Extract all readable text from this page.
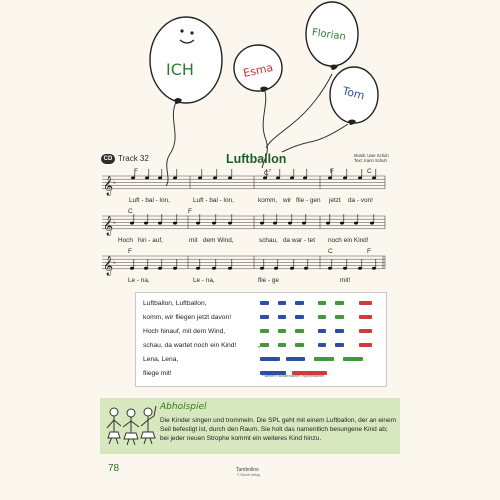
ICH	Esma
Florian
Tom
CD Track 32	Luftballon	Musik: Uwe Schuh
Text: Karin Schuh
𝄞 ♭
𝄞 ♭
𝄞 ♭
F	$C^7$	F	C
Luft - bal - lon,	Luft - bal - lon,	komm, wir flie - gen jetzt da - von!
C	F
Hoch hin - auf,	mit dem Wind,	schau, da war - tet noch ein Kind!
F	C	F
Le - na,	Le - na,	flie - ge	mit!
Luftballon, Luftballon,
komm, wir fliegen jetzt davon!
Hoch hinauf, mit dem Wind,
schau, da wartet noch ein Kind!
Lena, Lena,
fliege mit!
*
* weitere Kindernamen rhythmisieren
Abholspiel
Die Kinder singen und trommeln. Die SPL geht mit einem Luftballon, der an einem Seil befestigt ist, durch den Raum. Sie holt das namentlich besungene Kind ab; bei jeder neuen Strophe kommt ein weiteres Kind hinzu.
78	Tambolino
© Schott Verlag
